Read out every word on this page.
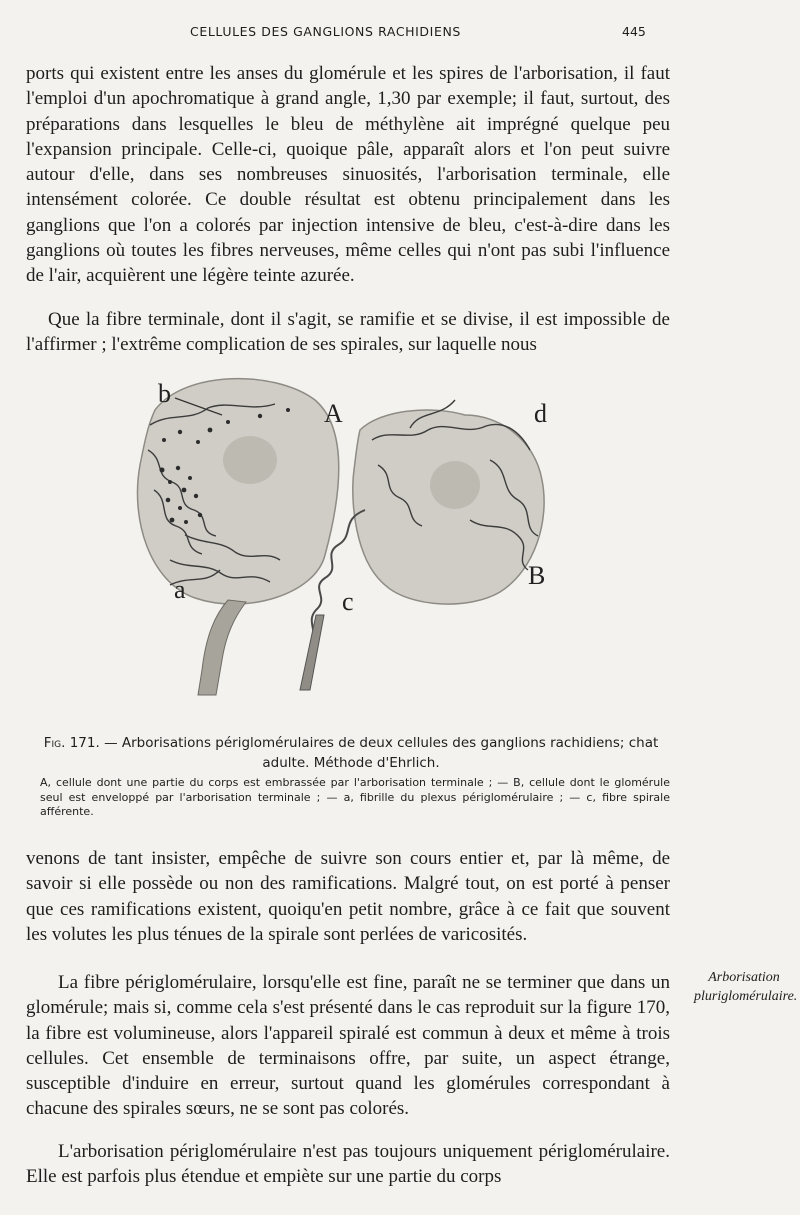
CELLULES DES GANGLIONS RACHIDIENS	445

ports qui existent entre les anses du glomérule et les spires de l'arborisation, il faut l'emploi d'un apochromatique à grand angle, 1,30 par exemple; il faut, surtout, des préparations dans lesquelles le bleu de méthylène ait imprégné quelque peu l'expansion principale. Celle-ci, quoique pâle, apparaît alors et l'on peut suivre autour d'elle, dans ses nombreuses sinuosités, l'arborisation terminale, elle intensément colorée. Ce double résultat est obtenu principalement dans les ganglions que l'on a colorés par injection intensive de bleu, c'est-à-dire dans les ganglions où toutes les fibres nerveuses, même celles qui n'ont pas subi l'influence de l'air, acquièrent une légère teinte azurée.

Que la fibre terminale, dont il s'agit, se ramifie et se divise, il est impossible de l'affirmer ; l'extrême complication de ses spirales, sur laquelle nous

b
A
a	c
d
B

Fig. 171. — Arborisations périglomérulaires de deux cellules des ganglions rachidiens; chat adulte. Méthode d'Ehrlich.

A, cellule dont une partie du corps est embrassée par l'arborisation terminale ; — B, cellule dont le glomérule seul est enveloppé par l'arborisation terminale ; — a, fibrille du plexus périglomérulaire ; — c, fibre spirale afférente.

venons de tant insister, empêche de suivre son cours entier et, par là même, de savoir si elle possède ou non des ramifications. Malgré tout, on est porté à penser que ces ramifications existent, quoiqu'en petit nombre, grâce à ce fait que souvent les volutes les plus ténues de la spirale sont perlées de varicosités.

La fibre périglomérulaire, lorsqu'elle est fine, paraît ne se terminer que dans un glomérule; mais si, comme cela s'est présenté dans le cas reproduit sur la figure 170, la fibre est volumineuse, alors l'appareil spiralé est commun à deux et même à trois cellules. Cet ensemble de terminaisons offre, par suite, un aspect étrange, susceptible d'induire en erreur, surtout quand les glomérules correspondant à chacune des spirales sœurs, ne se sont pas colorés.

L'arborisation périglomérulaire n'est pas toujours uniquement périglomérulaire. Elle est parfois plus étendue et empiète sur une partie du corps

Arborisation pluriglomérulaire.
